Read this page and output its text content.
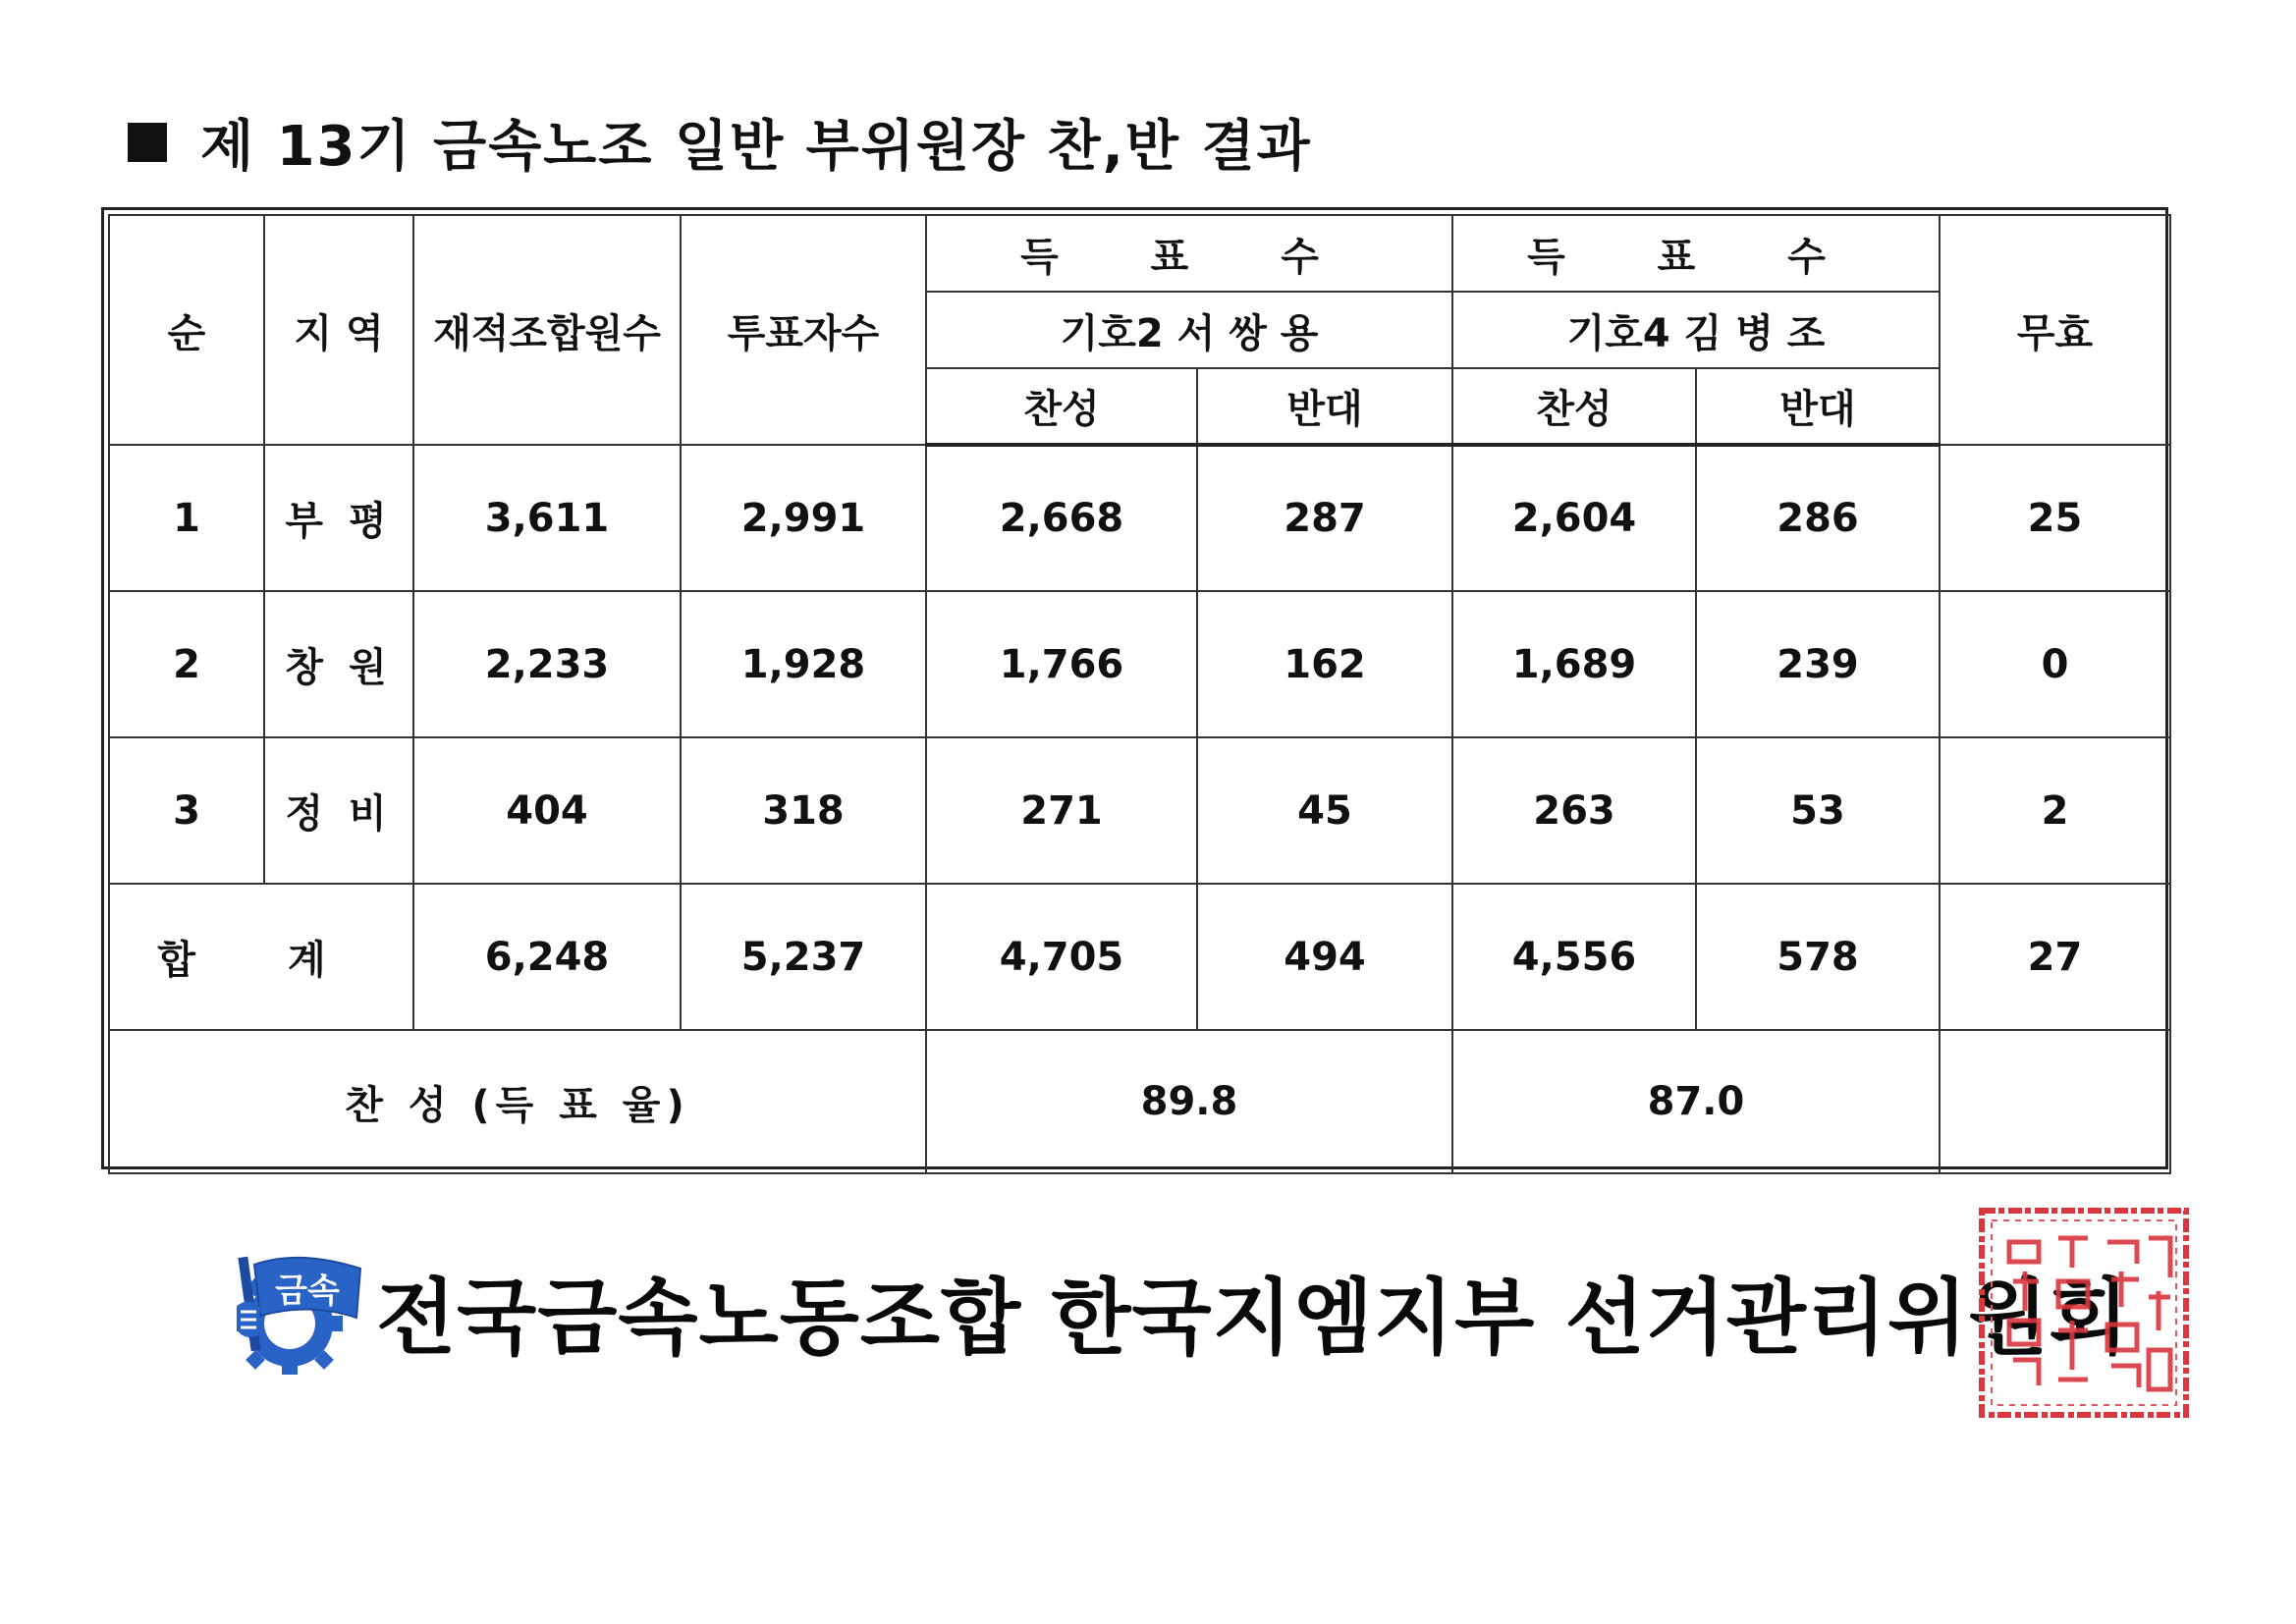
제 13기 금속노조 일반 부위원장 찬,반 결과
순	지 역	재적조합원수	투표자수	득 표 수		득 표 수		무효
				기호2 서 쌍 용		기호4 김 병 조		
				찬성	반대	찬성	반대	
1	부 평	3,611	2,991	2,668	287	2,604	286	25
2	창 원	2,233	1,928	1,766	162	1,689	239	0
3	정 비	404	318	271	45	263	53	2
합 계		6,248	5,237	4,705	494	4,556	578	27
찬 성 (득 표 율)				89.8		87.0		
금속 전국금속노동조합 한국지엠지부 선거관리위원회
